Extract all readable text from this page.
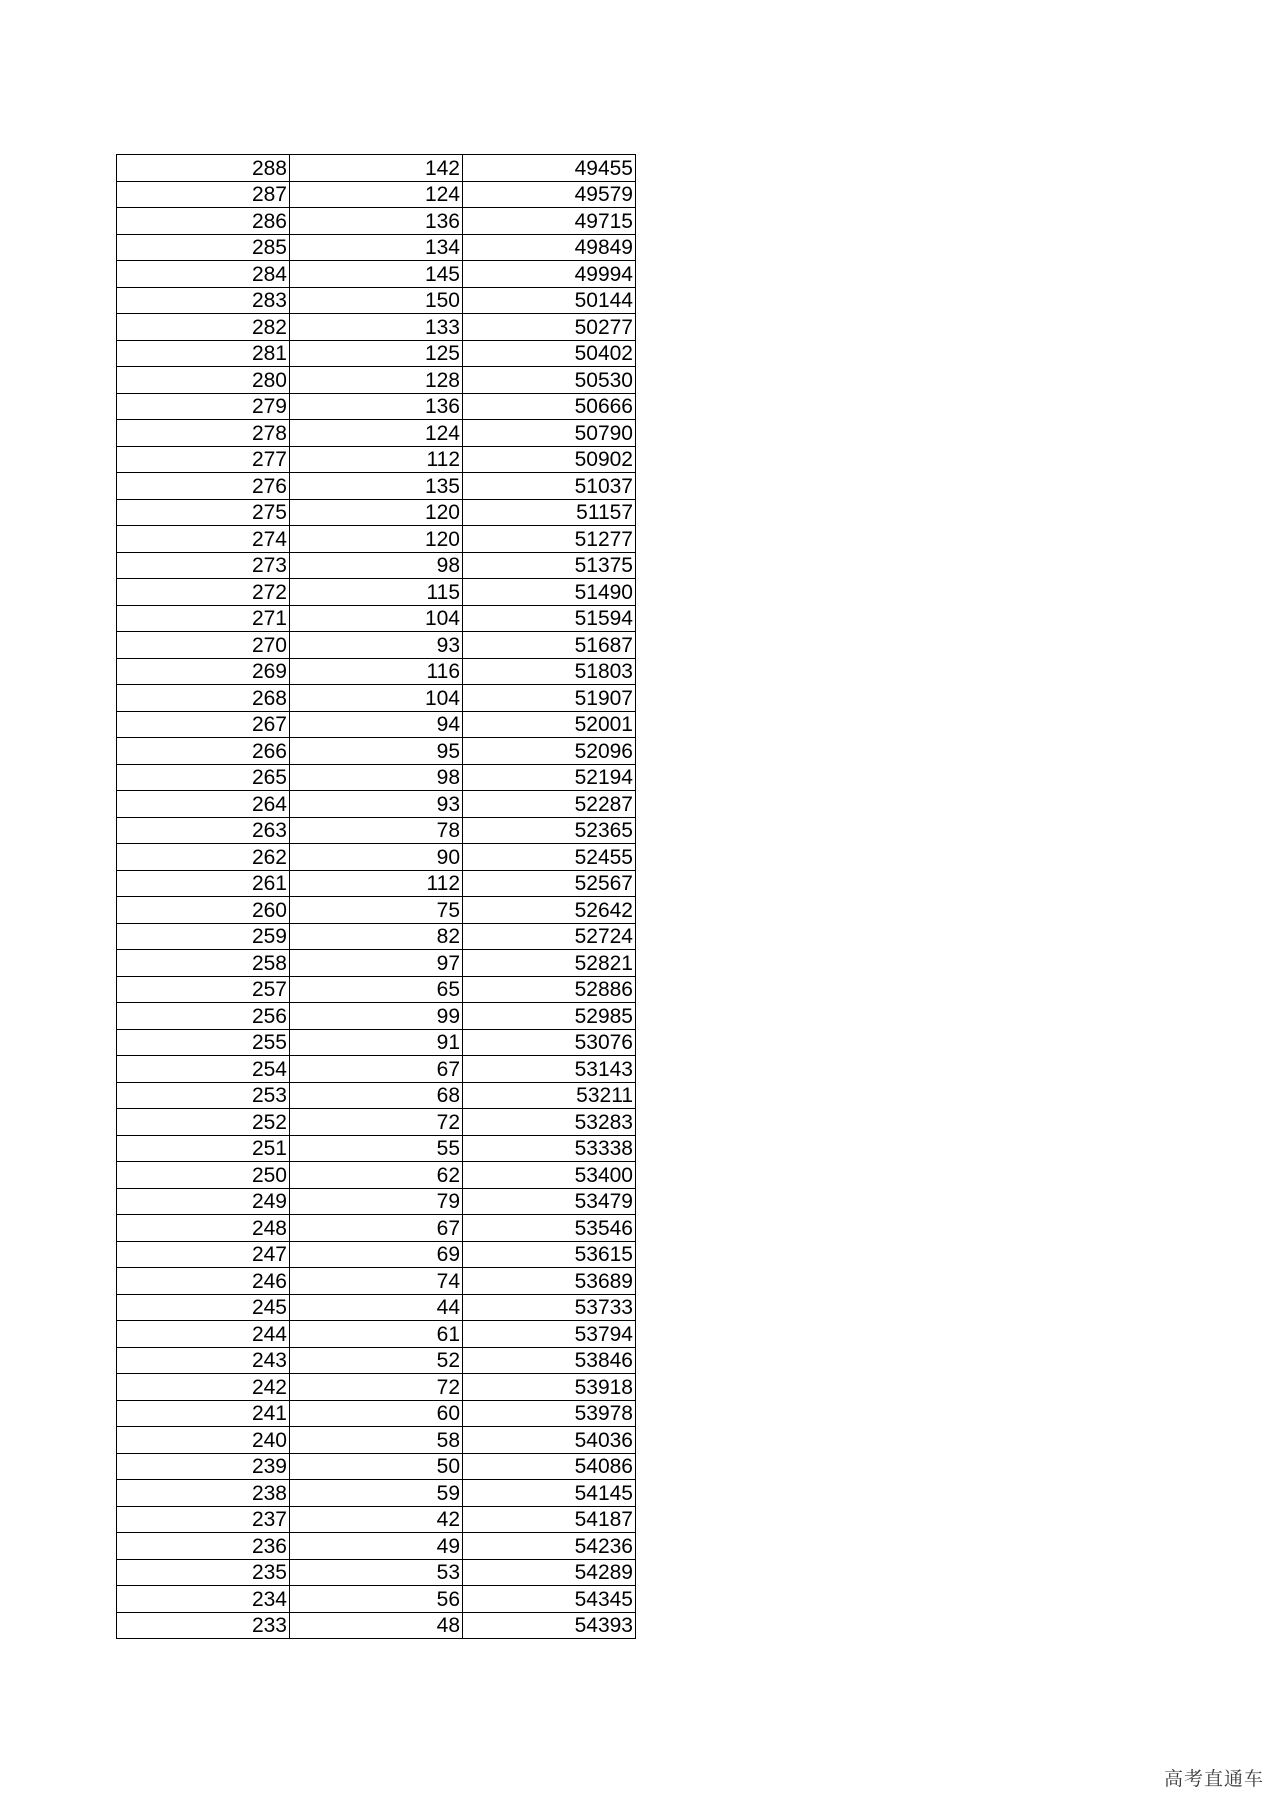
288	142	49455
287	124	49579
286	136	49715
285	134	49849
284	145	49994
283	150	50144
282	133	50277
281	125	50402
280	128	50530
279	136	50666
278	124	50790
277	112	50902
276	135	51037
275	120	51157
274	120	51277
273	98	51375
272	115	51490
271	104	51594
270	93	51687
269	116	51803
268	104	51907
267	94	52001
266	95	52096
265	98	52194
264	93	52287
263	78	52365
262	90	52455
261	112	52567
260	75	52642
259	82	52724
258	97	52821
257	65	52886
256	99	52985
255	91	53076
254	67	53143
253	68	53211
252	72	53283
251	55	53338
250	62	53400
249	79	53479
248	67	53546
247	69	53615
246	74	53689
245	44	53733
244	61	53794
243	52	53846
242	72	53918
241	60	53978
240	58	54036
239	50	54086
238	59	54145
237	42	54187
236	49	54236
235	53	54289
234	56	54345
233	48	54393
高考直通车
